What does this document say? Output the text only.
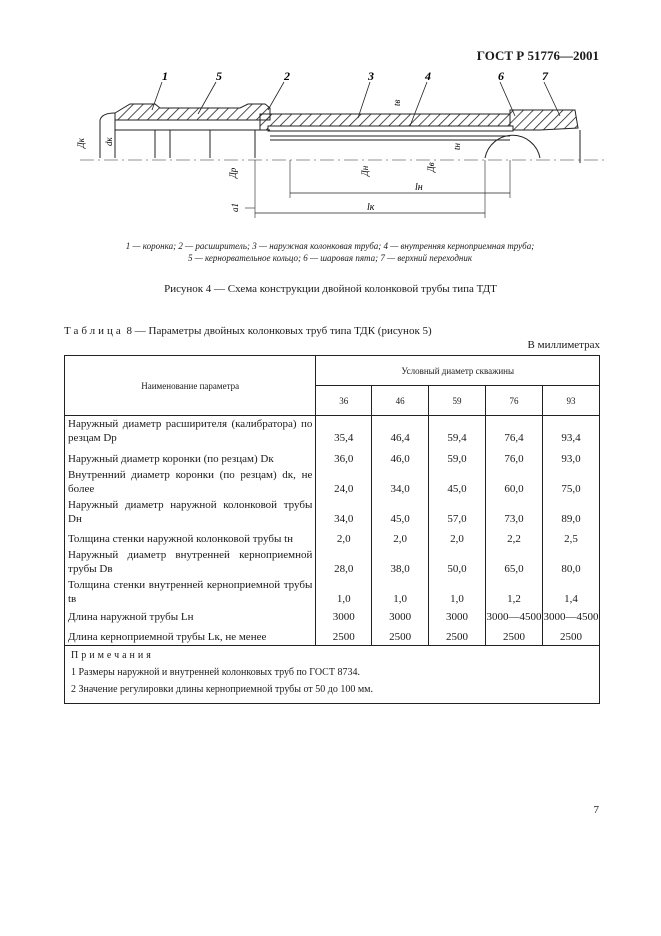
ГОСТ Р 51776—2001
1	5	2	3	4	6	7
Дк dк
Др	Дн	Дв
tв
tн
lк
lн
a1
1 — коронка; 2 — расширитель; 3 — наружная колонковая труба; 4 — внутренняя керноприемная труба;
5 — кернорвательное кольцо; 6 — шаровая пята; 7 — верхний переходник
Рисунок 4 — Схема конструкции двойной колонковой трубы типа ТДТ
Таблица 8 — Параметры двойных колонковых труб типа ТДК (рисунок 5)
В миллиметрах
Наименование параметра	Условный диаметр скважины				
	36	46	59	76	93
Наружный диаметр расширителя (калибратора) по резцам Dр	35,4	46,4	59,4	76,4	93,4
Наружный диаметр коронки (по резцам) Dк	36,0	46,0	59,0	76,0	93,0
Внутренний диаметр коронки (по резцам) dк, не более	24,0	34,0	45,0	60,0	75,0
Наружный диаметр наружной колонковой трубы Dн	34,0	45,0	57,0	73,0	89,0
Толщина стенки наружной колонковой трубы tн	2,0	2,0	2,0	2,2	2,5
Наружный диаметр внутренней керноприемной трубы Dв	28,0	38,0	50,0	65,0	80,0
Толщина стенки внутренней керноприемной трубы tв	1,0	1,0	1,0	1,2	1,4
Длина наружной трубы Lн	3000	3000	3000	3000—4500	3000—4500
Длина керноприемной трубы Lк, не менее	2500	2500	2500	2500	2500

Примечания
1 Размеры наружной и внутренней колонковых труб по ГОСТ 8734.
2 Значение регулировки длины керноприемной трубы от 50 до 100 мм.					
7
